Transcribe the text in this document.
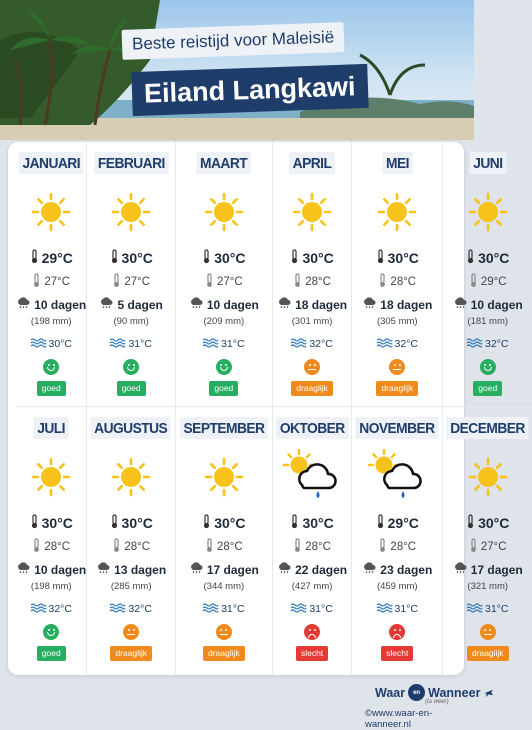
Beste reistijd voor Maleisië
Eiland Langkawi
JANUARI
29°C
27°C
10 dagen
(198 mm)
30°C
goed
FEBRUARI
30°C
27°C
5 dagen
(90 mm)
31°C
goed
MAART
30°C
27°C
10 dagen
(209 mm)
31°C
goed
APRIL
30°C
28°C
18 dagen
(301 mm)
32°C
draaglijk
MEI
30°C
28°C
18 dagen
(305 mm)
32°C
draaglijk
JUNI
30°C
29°C
10 dagen
(181 mm)
32°C
goed
JULI
30°C
28°C
10 dagen
(198 mm)
32°C
goed
AUGUSTUS
30°C
28°C
13 dagen
(285 mm)
32°C
draaglijk
SEPTEMBER
30°C
28°C
17 dagen
(344 mm)
31°C
draaglijk
OKTOBER
30°C
28°C
22 dagen
(427 mm)
31°C
slecht
NOVEMBER
29°C
28°C
23 dagen
(459 mm)
31°C
slecht
DECEMBER
30°C
27°C
17 dagen
(321 mm)
31°C
draaglijk
Waar	en Wanneer
(ta weer)
©www.waar-en-wanneer.nl
